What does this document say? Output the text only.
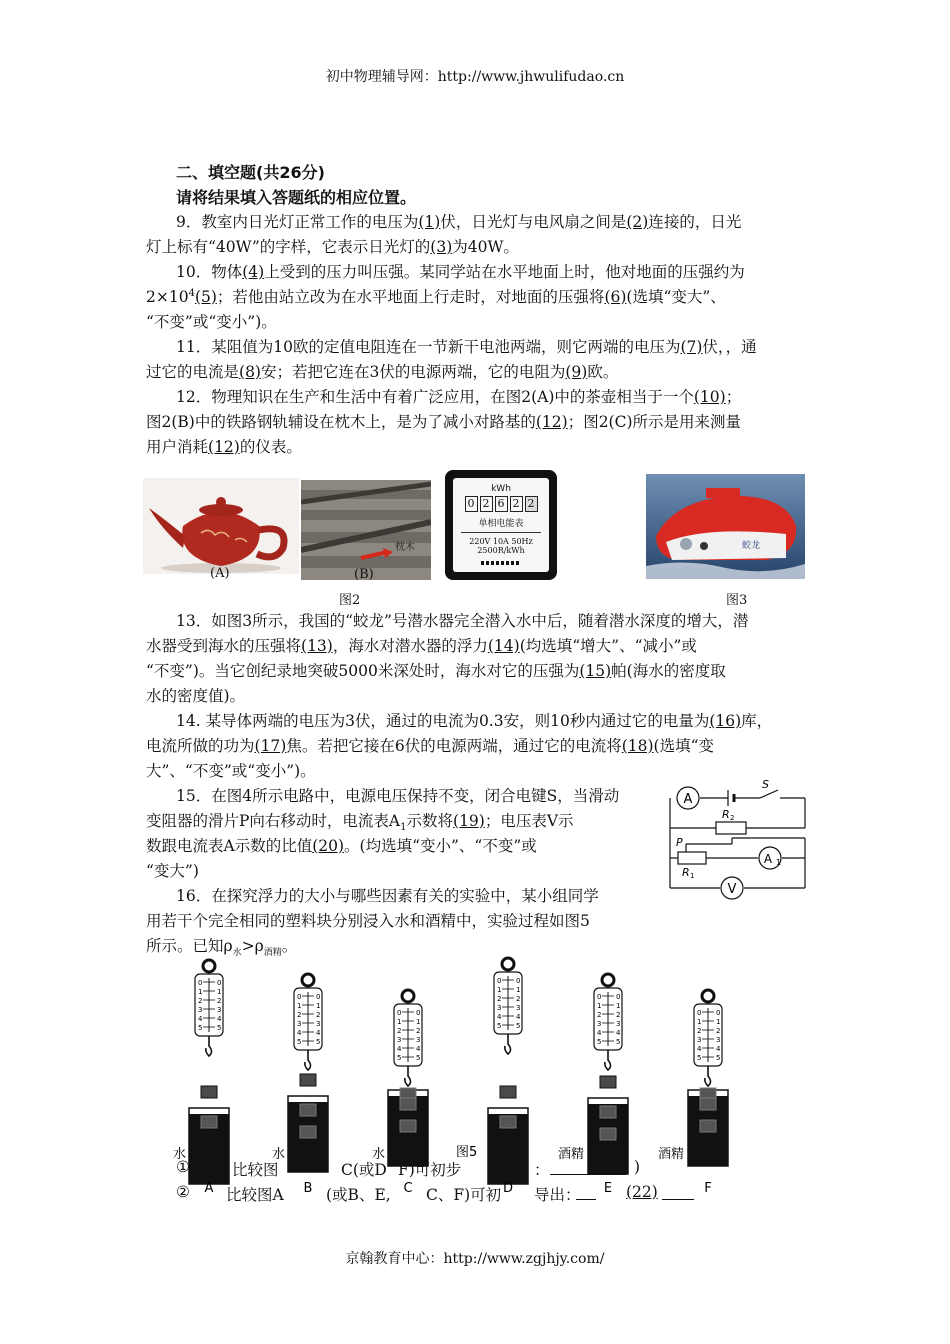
初中物理辅导网：http://www.jhwulifudao.cn
二、填空题(共26分)
请将结果填入答题纸的相应位置。
9．教室内日光灯正常工作的电压为(1)伏，日光灯与电风扇之间是(2)连接的，日光
灯上标有“40W”的字样，它表示日光灯的(3)为40W。
10．物体(4)上受到的压力叫压强。某同学站在水平地面上时，他对地面的压强约为
$2\times 10^4(5)$；若他由站立改为在水平地面上行走时，对地面的压强将(6)(选填“变大”、
“不变”或“变小”)。
11．某阻值为10欧的定值电阻连在一节新干电池两端，则它两端的电压为(7)伏，，通
过它的电流是(8)安；若把它连在3伏的电源两端，它的电阻为(9)欧。
12．物理知识在生产和生活中有着广泛应用，在图2(A)中的茶壶相当于一个(10)；
图2(B)中的铁路钢轨辅设在枕木上，是为了减小对路基的(12)；图2(C)所示是用来测量
用户消耗(12)的仪表。
(A)
枕木
(B)
kWh
0 2 6 2 2
单相电能表
220V 10A 50Hz
2500R/kWh
图2
蛟龙
图3
13．如图3所示，我国的“蛟龙”号潜水器完全潜入水中后，随着潜水深度的增大，潜
水器受到海水的压强将(13)，海水对潜水器的浮力(14)(均选填“增大”、“减小”或
“不变”)。当它创纪录地突破5000米深处时，海水对它的压强为(15)帕(海水的密度取
水的密度值)。
14. 某导体两端的电压为3伏，通过的电流为0.3安，则10秒内通过它的电量为(16)库，
电流所做的功为(17)焦。若把它接在6伏的电源两端，通过它的电流将(18)(选填“变
大”、“不变”或“变小”)。
15．在图4所示电路中，电源电压保持不变，闭合电键S，当滑动
变阻器的滑片P向右移动时，电流表$A_1$示数将(19)；电压表V示
数跟电流表A示数的比值(20)。(均选填“变小”、“不变”或
“变大”)
A
A 1
V
S
R 2
P
R 1
16．在探究浮力的大小与哪些因素有关的实验中，某小组同学
用若干个完全相同的塑料块分别浸入水和酒精中，实验过程如图5
所示。已知$\rho_水>\rho_{酒精}$。
0 0
1 1
2 2
3 3
4 4
5 5
水
A
0 0
1 1
2 2
3 3
4 4
5 5
水
B
0 0
1 1
2 2
3 3
4 4
5 5
水
C
0 0
1 1
2 2
3 3
4 4
5 5
D
0 0
1 1
2 2
3 3
4 4
5 5
酒精
E
0 0
1 1
2 2
3 3
4 4
5 5
酒精
F
图5
①	比较图	C(或D F)可初步	：	)
② 比较图A	(或B、E, C、F)可初 导出：	(22)
京翰教育中心：http://www.zgjhjy.com/
